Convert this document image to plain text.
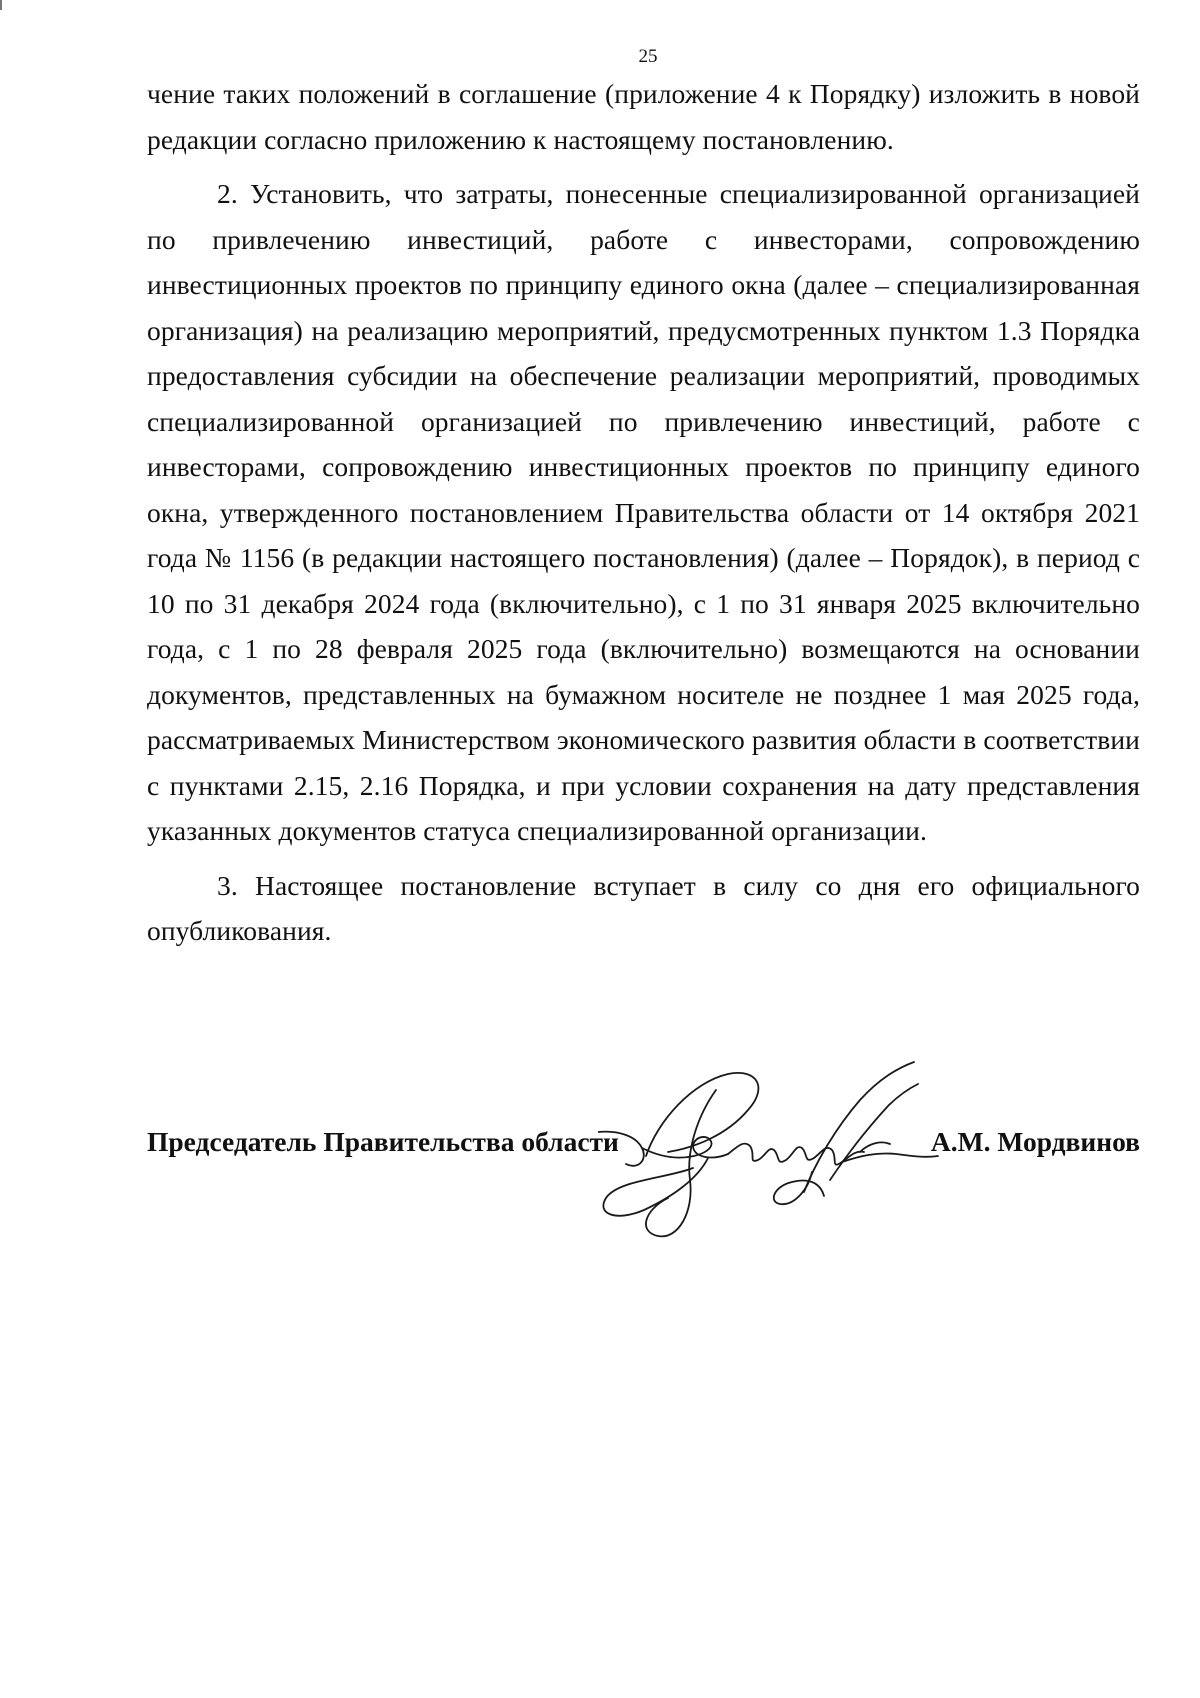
25

чение таких положений в соглашение (приложение 4 к Порядку) изложить в новой редакции согласно приложению к настоящему постановлению.

2. Установить, что затраты, понесенные специализированной организацией по привлечению инвестиций, работе с инвесторами, сопровождению инвестиционных проектов по принципу единого окна (далее – специализированная организация) на реализацию мероприятий, предусмотренных пунктом 1.3 Порядка предоставления субсидии на обеспечение реализации мероприятий, проводимых специализированной организацией по привлечению инвестиций, работе с инвесторами, сопровождению инвестиционных проектов по принципу единого окна, утвержденного постановлением Правительства области от 14 октября 2021 года № 1156 (в редакции настоящего постановления) (далее – Порядок), в период с 10 по 31 декабря 2024 года (включительно), с 1 по 31 января 2025 включительно года, с 1 по 28 февраля 2025 года (включительно) возмещаются на основании документов, представленных на бумажном носителе не позднее 1 мая 2025 года, рассматриваемых Министерством экономического развития области в соответствии с пунктами 2.15, 2.16 Порядка, и при условии сохранения на дату представления указанных документов статуса специализированной организации.

3. Настоящее постановление вступает в силу со дня его официального опубликования.

Председатель Правительства области	А.М. Мордвинов
